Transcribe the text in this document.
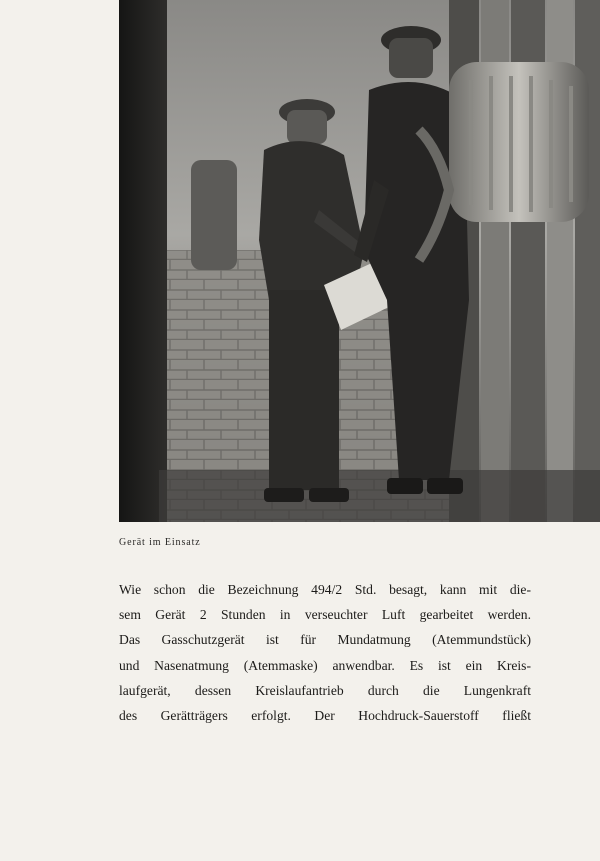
Gerät im Einsatz
Wie schon die Bezeichnung 494/2 Std. besagt, kann mit die-
sem Gerät 2 Stunden in verseuchter Luft gearbeitet werden.
Das Gasschutzgerät ist für Mundatmung (Atemmundstück)
und Nasenatmung (Atemmaske) anwendbar. Es ist ein Kreis-
laufgerät, dessen Kreislaufantrieb durch die Lungenkraft
des Gerätträgers erfolgt. Der Hochdruck-Sauerstoff fließt
